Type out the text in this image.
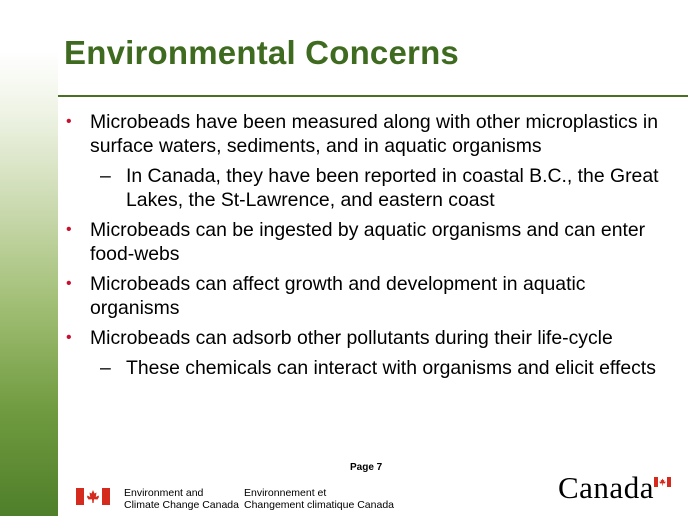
Environmental Concerns
• Microbeads have been measured along with other microplastics in surface waters, sediments, and in aquatic organisms
– In Canada, they have been reported in coastal B.C., the Great Lakes, the St-Lawrence, and eastern coast
• Microbeads can be ingested by aquatic organisms and can enter food-webs
• Microbeads can affect growth and development in aquatic organisms
• Microbeads can adsorb other pollutants during their life-cycle
– These chemicals can interact with organisms and elicit effects
Page 7
Environment and
Climate Change Canada
Environnement et
Changement climatique Canada	Canada
